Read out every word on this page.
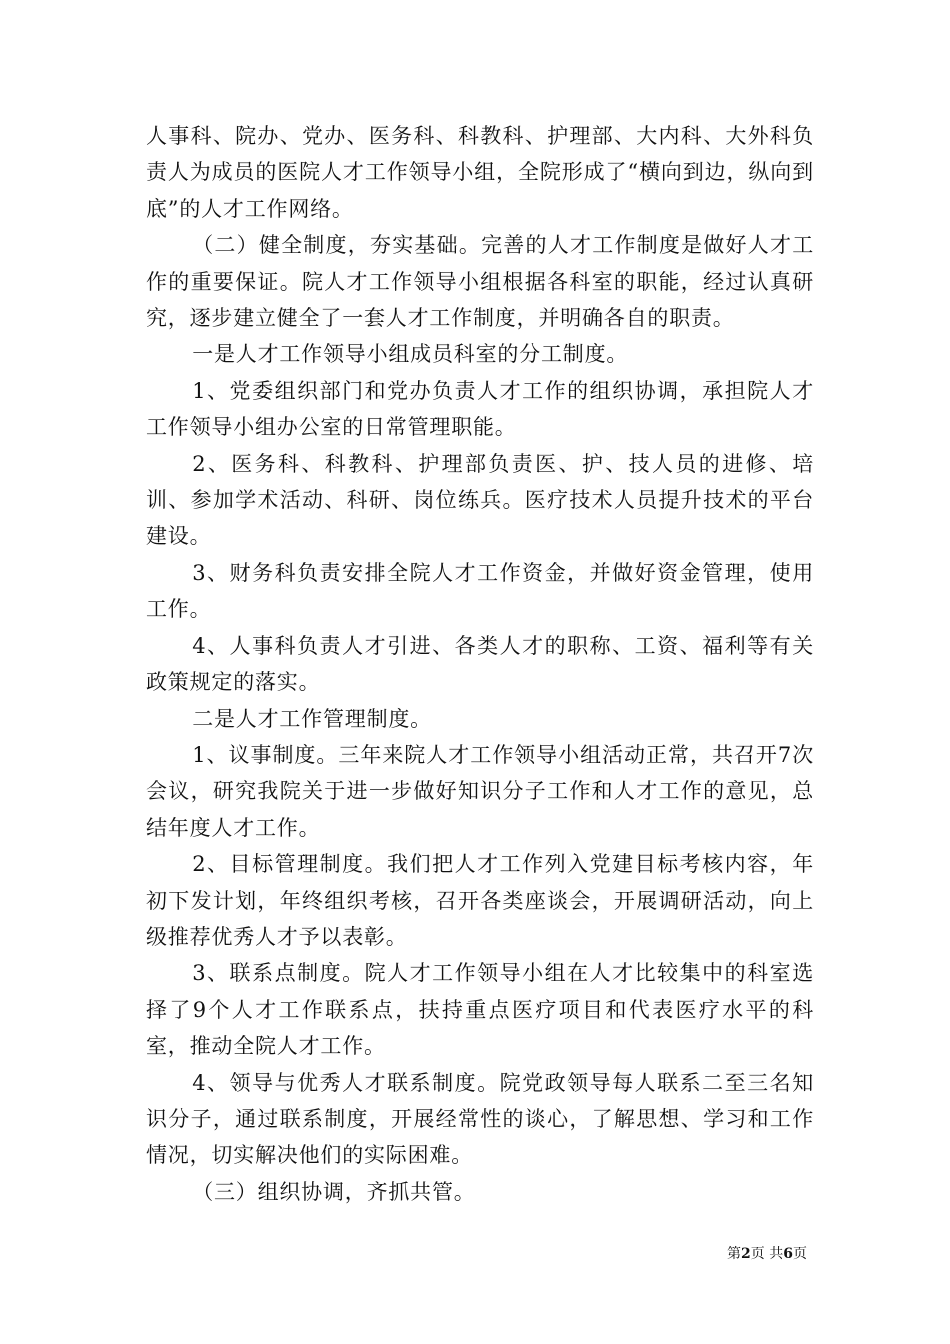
人事科、院办、党办、医务科、科教科、护理部、大内科、大外科负责人为成员的医院人才工作领导小组，全院形成了“横向到边，纵向到底”的人才工作网络。

（二）健全制度，夯实基础。完善的人才工作制度是做好人才工作的重要保证。院人才工作领导小组根据各科室的职能，经过认真研究，逐步建立健全了一套人才工作制度，并明确各自的职责。

一是人才工作领导小组成员科室的分工制度。

1、党委组织部门和党办负责人才工作的组织协调，承担院人才工作领导小组办公室的日常管理职能。

2、医务科、科教科、护理部负责医、护、技人员的进修、培训、参加学术活动、科研、岗位练兵。医疗技术人员提升技术的平台建设。

3、财务科负责安排全院人才工作资金，并做好资金管理，使用工作。

4、人事科负责人才引进、各类人才的职称、工资、福利等有关政策规定的落实。

二是人才工作管理制度。

1、议事制度。三年来院人才工作领导小组活动正常，共召开7次会议，研究我院关于进一步做好知识分子工作和人才工作的意见，总结年度人才工作。

2、目标管理制度。我们把人才工作列入党建目标考核内容，年初下发计划，年终组织考核，召开各类座谈会，开展调研活动，向上级推荐优秀人才予以表彰。

3、联系点制度。院人才工作领导小组在人才比较集中的科室选择了9个人才工作联系点，扶持重点医疗项目和代表医疗水平的科室，推动全院人才工作。

4、领导与优秀人才联系制度。院党政领导每人联系二至三名知识分子，通过联系制度，开展经常性的谈心，了解思想、学习和工作情况，切实解决他们的实际困难。

（三）组织协调，齐抓共管。

第2页 共6页
